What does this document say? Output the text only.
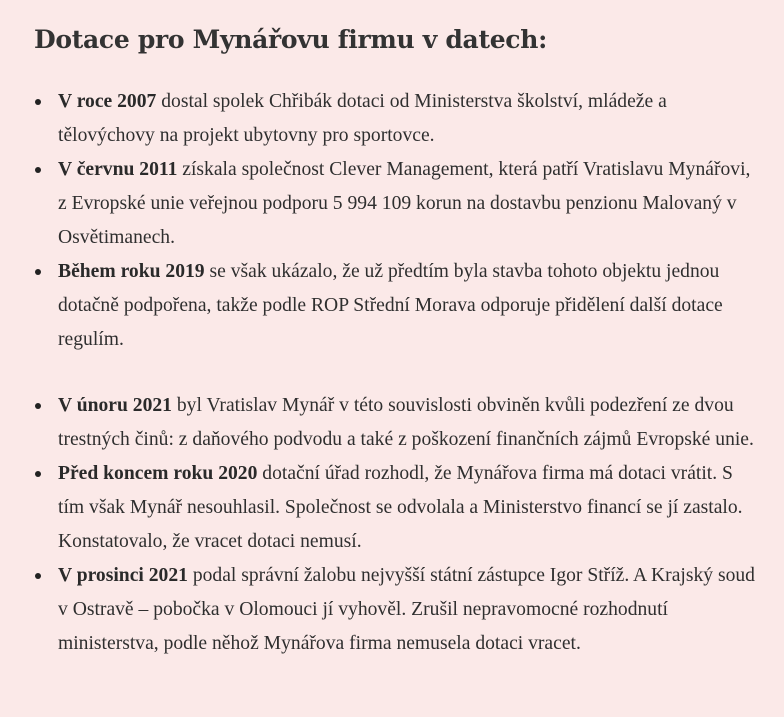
Dotace pro Mynářovu firmu v datech:
V roce 2007 dostal spolek Chřibák dotaci od Ministerstva školství, mládeže a tělovýchovy na projekt ubytovny pro sportovce.
V červnu 2011 získala společnost Clever Management, která patří Vratislavu Mynářovi, z Evropské unie veřejnou podporu 5 994 109 korun na dostavbu penzionu Malovaný v Osvětimanech.
Během roku 2019 se však ukázalo, že už předtím byla stavba tohoto objektu jednou dotačně podpořena, takže podle ROP Střední Morava odporuje přidělení další dotace regulím.
V únoru 2021 byl Vratislav Mynář v této souvislosti obviněn kvůli podezření ze dvou trestných činů: z daňového podvodu a také z poškození finančních zájmů Evropské unie.
Před koncem roku 2020 dotační úřad rozhodl, že Mynářova firma má dotaci vrátit. S tím však Mynář nesouhlasil. Společnost se odvolala a Ministerstvo financí se jí zastalo. Konstatovalo, že vracet dotaci nemusí.
V prosinci 2021 podal správní žalobu nejvyšší státní zástupce Igor Stříž. A Krajský soud v Ostravě – pobočka v Olomouci jí vyhověl. Zrušil nepravomocné rozhodnutí ministerstva, podle něhož Mynářova firma nemusela dotaci vracet.
